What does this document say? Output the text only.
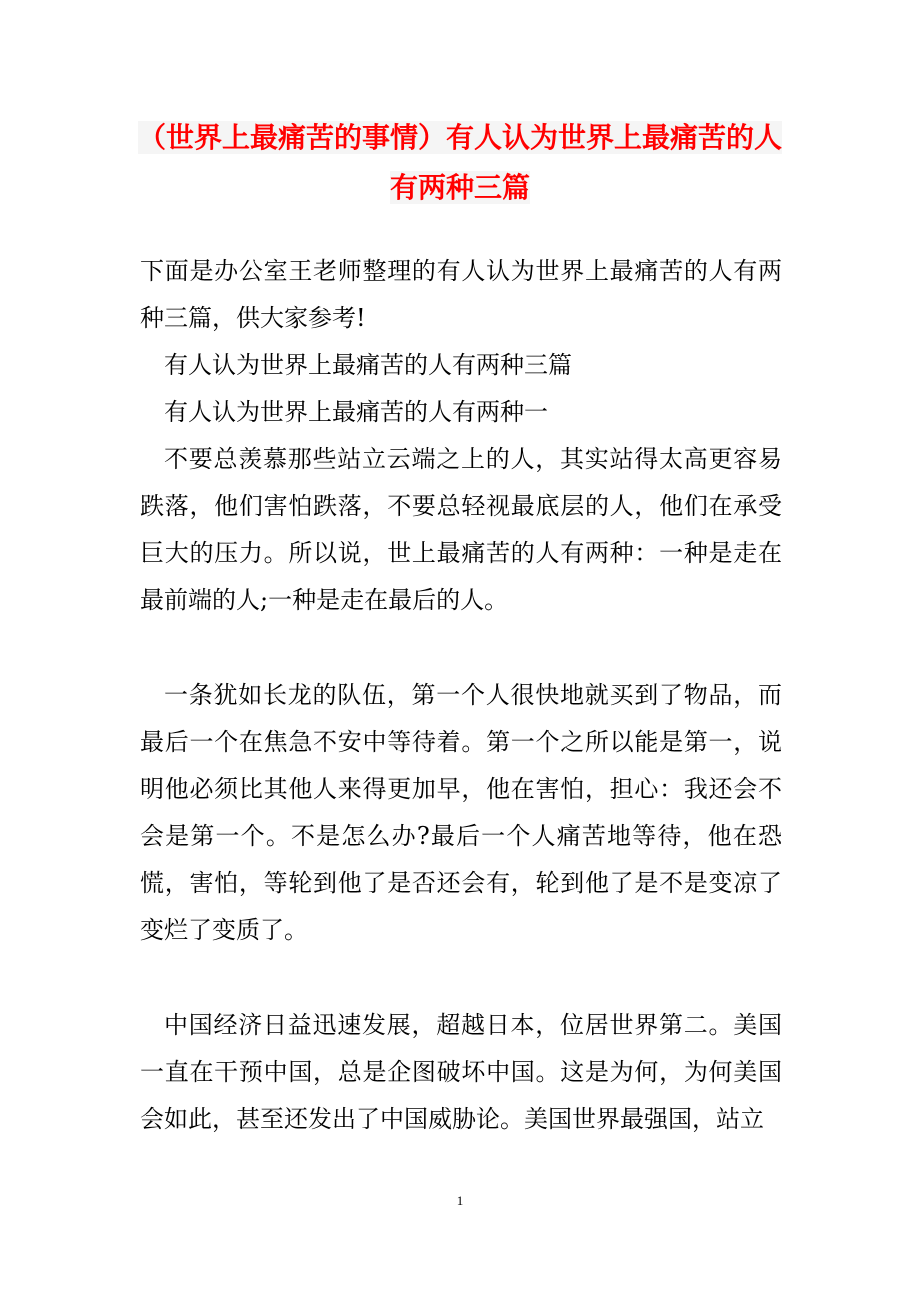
（世界上最痛苦的事情）有人认为世界上最痛苦的人
有两种三篇

下面是办公室王老师整理的有人认为世界上最痛苦的人有两种三篇，供大家参考!

有人认为世界上最痛苦的人有两种三篇

有人认为世界上最痛苦的人有两种一

不要总羡慕那些站立云端之上的人，其实站得太高更容易跌落，他们害怕跌落，不要总轻视最底层的人，他们在承受巨大的压力。所以说，世上最痛苦的人有两种：一种是走在最前端的人;一种是走在最后的人。

一条犹如长龙的队伍，第一个人很快地就买到了物品，而最后一个在焦急不安中等待着。第一个之所以能是第一，说明他必须比其他人来得更加早，他在害怕，担心：我还会不会是第一个。不是怎么办?最后一个人痛苦地等待，他在恐慌，害怕，等轮到他了是否还会有，轮到他了是不是变凉了变烂了变质了。

中国经济日益迅速发展，超越日本，位居世界第二。美国一直在干预中国，总是企图破坏中国。这是为何，为何美国会如此，甚至还发出了中国威胁论。美国世界最强国，站立

1
